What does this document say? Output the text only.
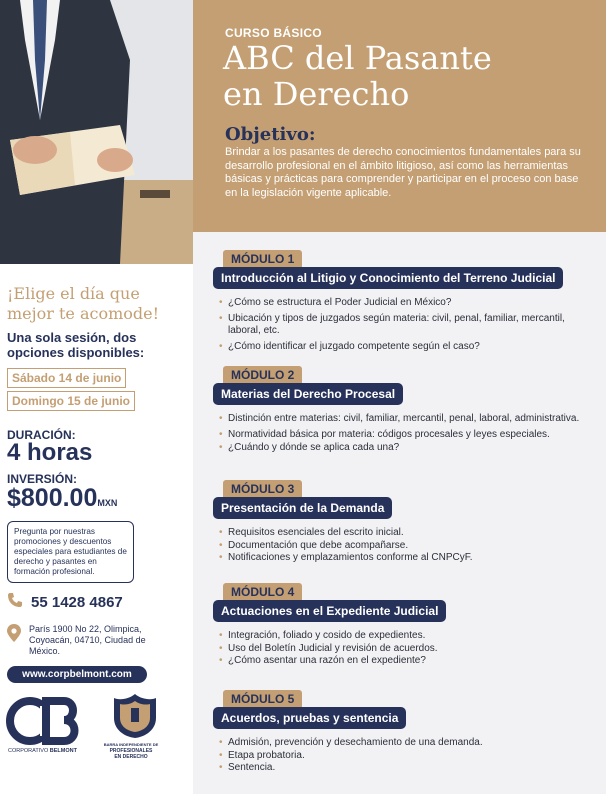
CURSO BÁSICO
ABC del Pasante
en Derecho
Objetivo:
Brindar a los pasantes de derecho conocimientos fundamentales para su desarrollo profesional en el ámbito litigioso, así como las herramientas básicas y prácticas para comprender y participar en el proceso con base en la legislación vigente aplicable.
¡Elige el día que mejor te acomode!
Una sola sesión, dos opciones disponibles:
Sábado 14 de junio
Domingo 15 de junio
DURACIÓN:
4 horas
INVERSIÓN:
$800.00MXN
Pregunta por nuestras promociones y descuentos especiales para estudiantes de derecho y pasantes en formación profesional.
55 1428 4867
París 1900 No 22, Olimpica, Coyoacán, 04710, Ciudad de México.
www.corpbelmont.com
CORPORATIVO BELMONT
BARRA INDEPENDIENTE DE
PROFESIONALES
EN DERECHO
MÓDULO 1
Introducción al Litigio y Conocimiento del Terreno Judicial
• ¿Cómo se estructura el Poder Judicial en México?
• Ubicación y tipos de juzgados según materia: civil, penal, familiar, mercantil, laboral, etc.
• ¿Cómo identificar el juzgado competente según el caso?
MÓDULO 2
Materias del Derecho Procesal
• Distinción entre materias: civil, familiar, mercantil, penal, laboral, administrativa.
• Normatividad básica por materia: códigos procesales y leyes especiales.
• ¿Cuándo y dónde se aplica cada una?
MÓDULO 3
Presentación de la Demanda
• Requisitos esenciales del escrito inicial.
• Documentación que debe acompañarse.
• Notificaciones y emplazamientos conforme al CNPCyF.
MÓDULO 4
Actuaciones en el Expediente Judicial
• Integración, foliado y cosido de expedientes.
• Uso del Boletín Judicial y revisión de acuerdos.
• ¿Cómo asentar una razón en el expediente?
MÓDULO 5
Acuerdos, pruebas y sentencia
• Admisión, prevención y desechamiento de una demanda.
• Etapa probatoria.
• Sentencia.
